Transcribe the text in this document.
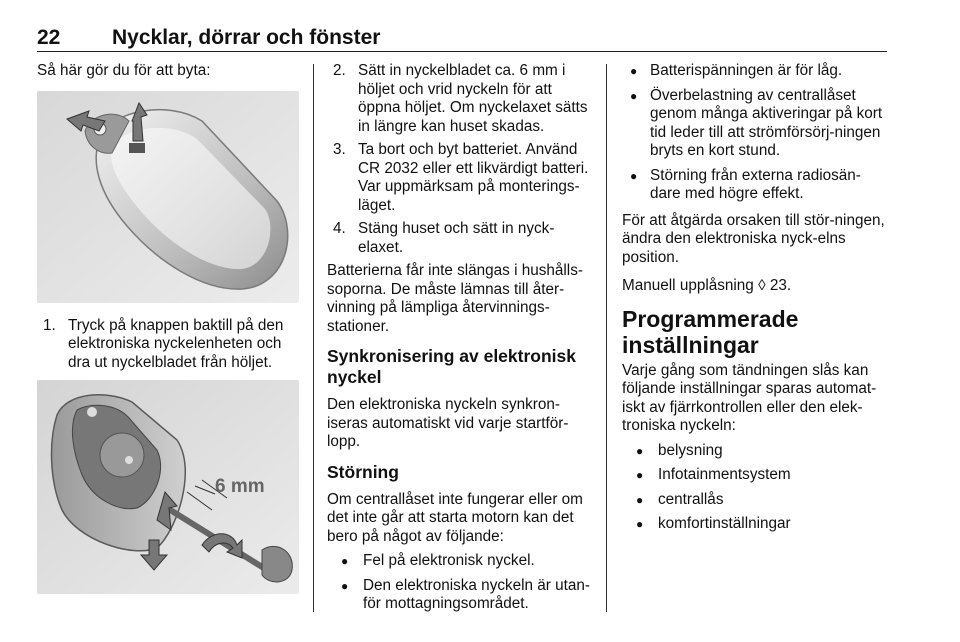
22 Nycklar, dörrar och fönster

Så här gör du för att byta:

1. Tryck på knappen baktill på den elektroniska nyckelenheten och dra ut nyckelbladet från höljet.
6 mm
2. Sätt in nyckelbladet ca. 6 mm i höljet och vrid nyckeln för att öppna höljet. Om nyckelaxet sätts in längre kan huset skadas.
3. Ta bort och byt batteriet. Använd CR 2032 eller ett likvärdigt batteri. Var uppmärksam på monterings-läget.
4. Stäng huset och sätt in nyck-elaxet.

Batterierna får inte slängas i hushålls-soporna. De måste lämnas till åter-vinning på lämpliga återvinnings-stationer.

Synkronisering av elektronisk nyckel

Den elektroniska nyckeln synkron-iseras automatiskt vid varje startför-lopp.

Störning

Om centrallåset inte fungerar eller om det inte går att starta motorn kan det bero på något av följande:

● Fel på elektronisk nyckel.
● Den elektroniska nyckeln är utan-för mottagningsområdet.
● Batterispänningen är för låg.
● Överbelastning av centrallåset genom många aktiveringar på kort tid leder till att strömförsörj-ningen bryts en kort stund.
● Störning från externa radiosän-dare med högre effekt.

För att åtgärda orsaken till stör-ningen, ändra den elektroniska nyck-elns position.

Manuell upplåsning ◊ 23.

Programmerade inställningar

Varje gång som tändningen slås kan följande inställningar sparas automat-iskt av fjärrkontrollen eller den elek-troniska nyckeln:

● belysning
● Infotainmentsystem
● centrallås
● komfortinställningar
